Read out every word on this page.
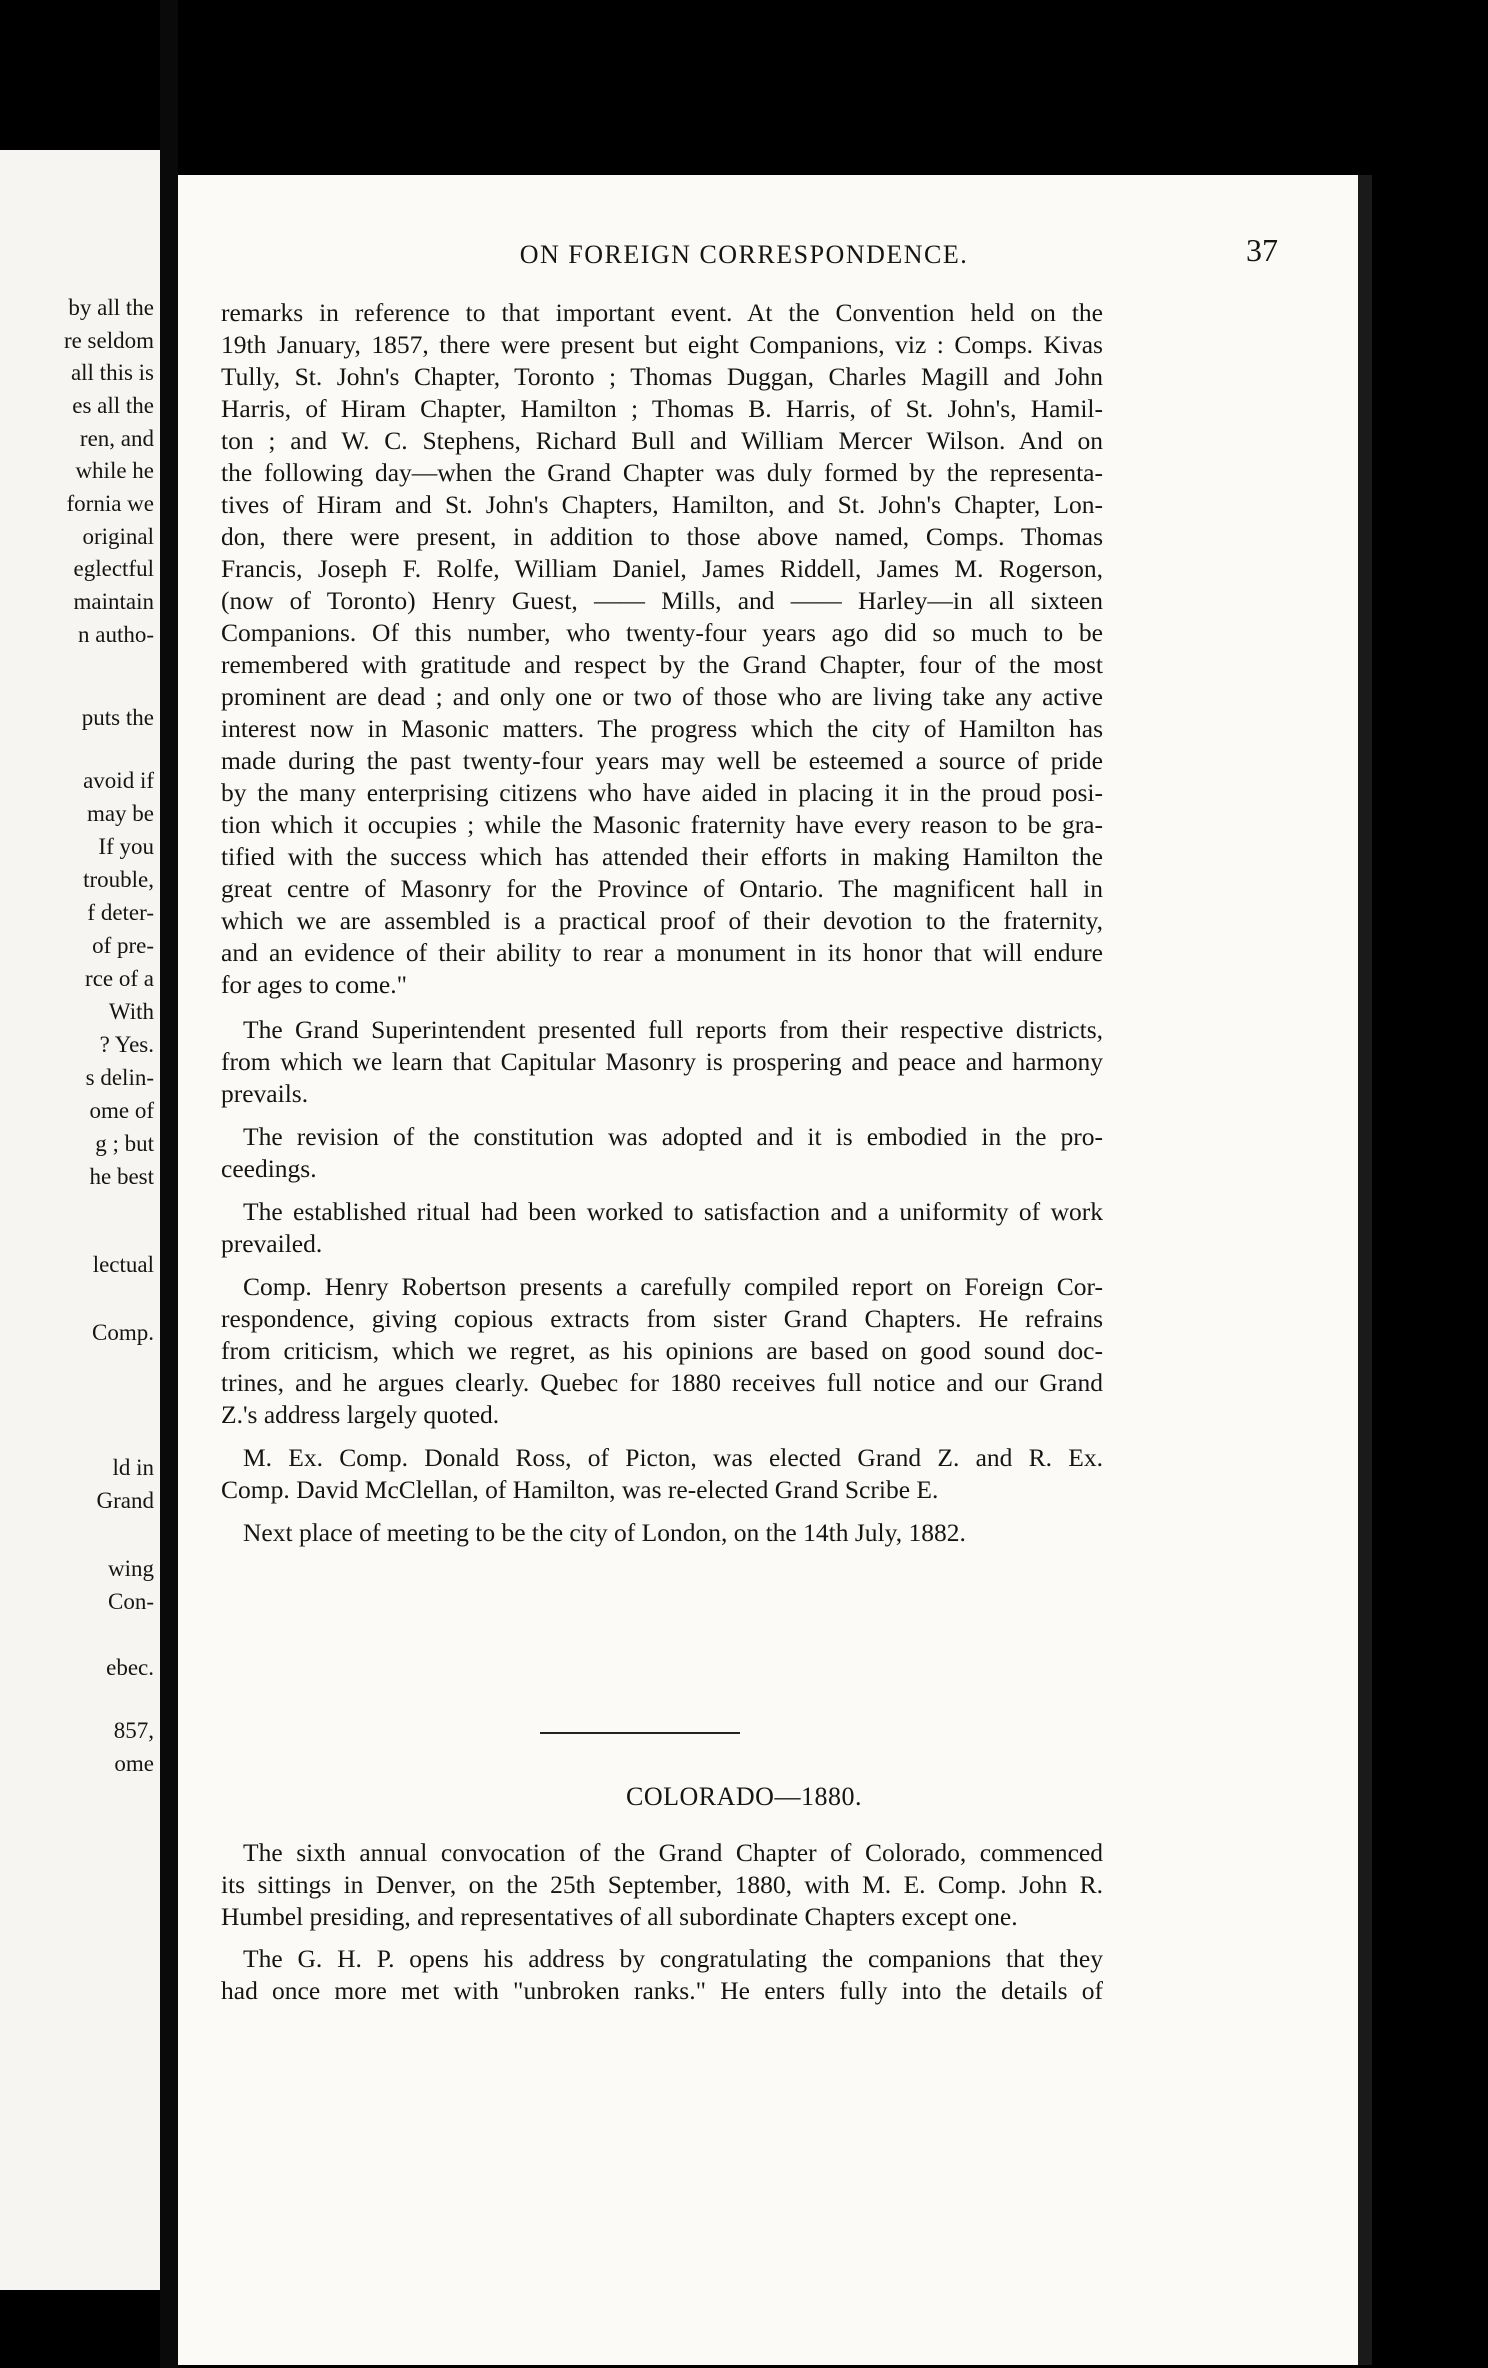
by all the
re seldom
all this is
es all the
ren, and
while he
fornia we
original
eglectful
maintain
n autho-
puts the
avoid if
may be
If you
trouble,
f deter-
of pre-
rce of a
With
? Yes.
s delin-
ome of
g ; but
he best
lectual
Comp.
ld in
Grand
wing
Con-
ebec.
857,
ome
ON FOREIGN CORRESPONDENCE.	37
remarks in reference to that important event. At the Convention held on the
19th January, 1857, there were present but eight Companions, viz : Comps. Kivas
Tully, St. John's Chapter, Toronto ; Thomas Duggan, Charles Magill and John
Harris, of Hiram Chapter, Hamilton ; Thomas B. Harris, of St. John's, Hamil-
ton ; and W. C. Stephens, Richard Bull and William Mercer Wilson. And on
the following day—when the Grand Chapter was duly formed by the representa-
tives of Hiram and St. John's Chapters, Hamilton, and St. John's Chapter, Lon-
don, there were present, in addition to those above named, Comps. Thomas
Francis, Joseph F. Rolfe, William Daniel, James Riddell, James M. Rogerson,
(now of Toronto) Henry Guest, —— Mills, and —— Harley—in all sixteen
Companions. Of this number, who twenty-four years ago did so much to be
remembered with gratitude and respect by the Grand Chapter, four of the most
prominent are dead ; and only one or two of those who are living take any active
interest now in Masonic matters. The progress which the city of Hamilton has
made during the past twenty-four years may well be esteemed a source of pride
by the many enterprising citizens who have aided in placing it in the proud posi-
tion which it occupies ; while the Masonic fraternity have every reason to be gra-
tified with the success which has attended their efforts in making Hamilton the
great centre of Masonry for the Province of Ontario. The magnificent hall in
which we are assembled is a practical proof of their devotion to the fraternity,
and an evidence of their ability to rear a monument in its honor that will endure
for ages to come."
The Grand Superintendent presented full reports from their respective districts,
from which we learn that Capitular Masonry is prospering and peace and harmony
prevails.
The revision of the constitution was adopted and it is embodied in the pro-
ceedings.
The established ritual had been worked to satisfaction and a uniformity of work
prevailed.
Comp. Henry Robertson presents a carefully compiled report on Foreign Cor-
respondence, giving copious extracts from sister Grand Chapters. He refrains
from criticism, which we regret, as his opinions are based on good sound doc-
trines, and he argues clearly. Quebec for 1880 receives full notice and our Grand
Z.'s address largely quoted.
M. Ex. Comp. Donald Ross, of Picton, was elected Grand Z. and R. Ex.
Comp. David McClellan, of Hamilton, was re-elected Grand Scribe E.
Next place of meeting to be the city of London, on the 14th July, 1882.
COLORADO—1880.
The sixth annual convocation of the Grand Chapter of Colorado, commenced
its sittings in Denver, on the 25th September, 1880, with M. E. Comp. John R.
Humbel presiding, and representatives of all subordinate Chapters except one.
The G. H. P. opens his address by congratulating the companions that they
had once more met with "unbroken ranks." He enters fully into the details of
